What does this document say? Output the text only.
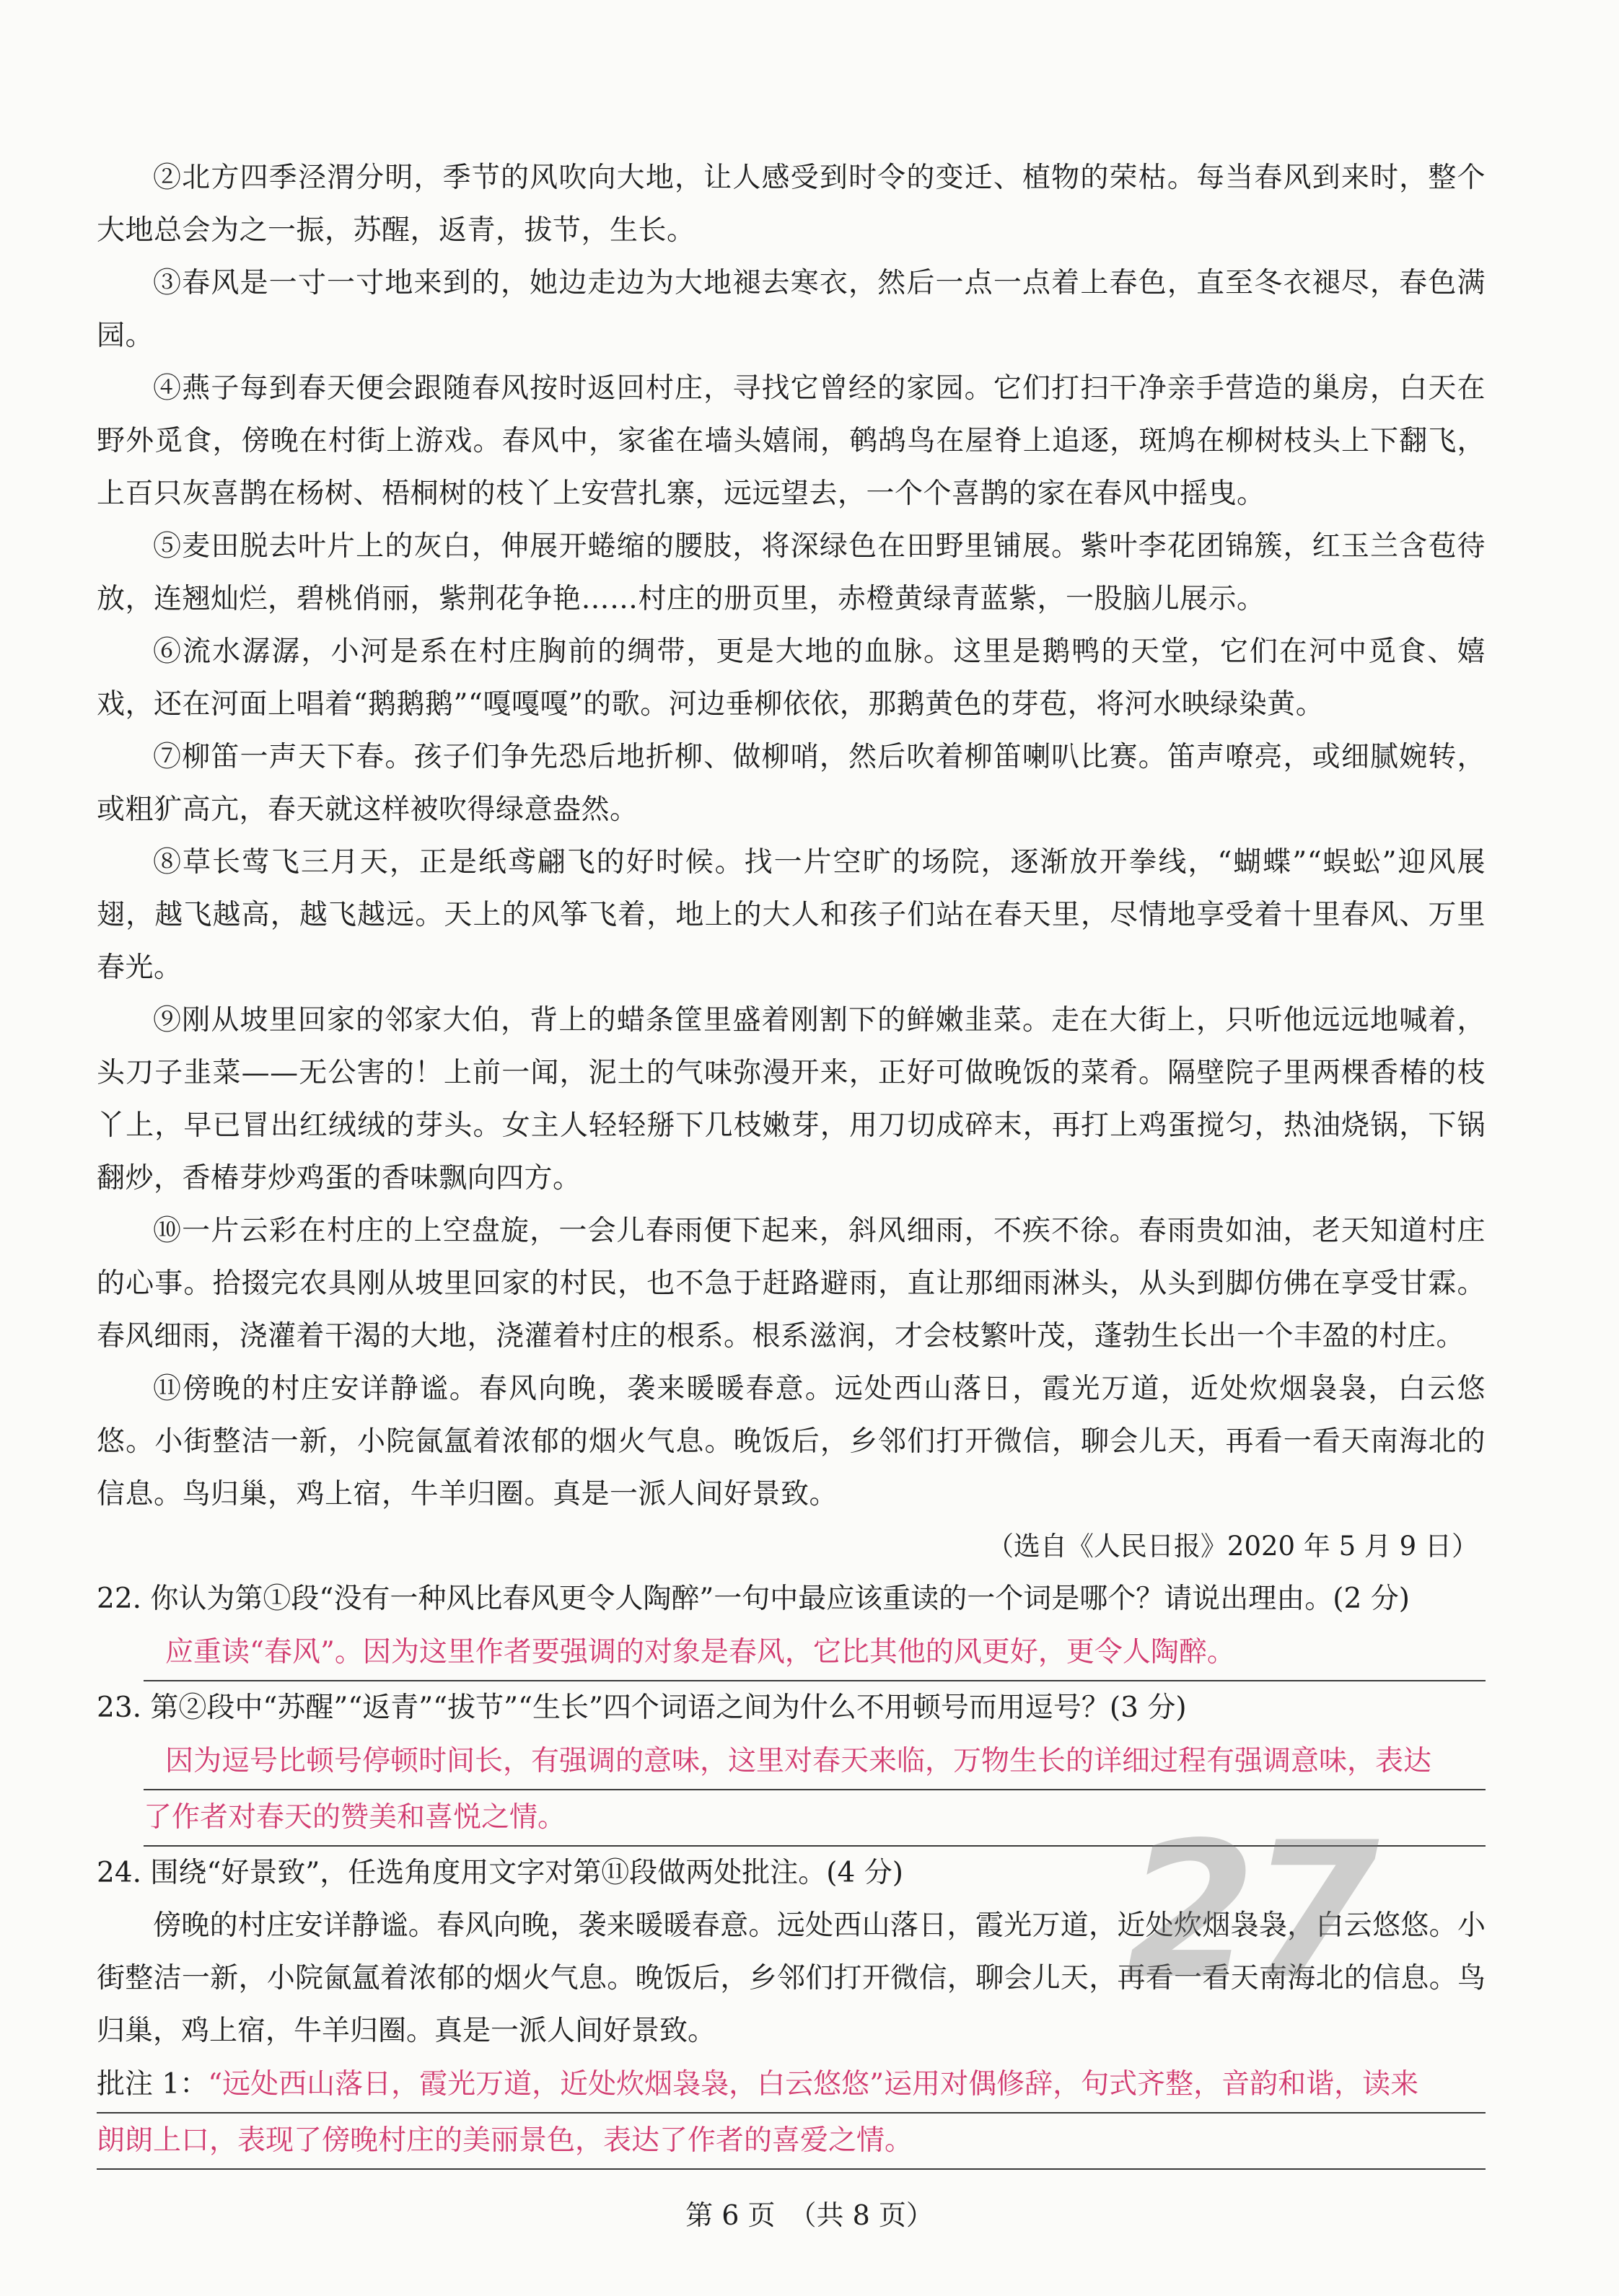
②北方四季泾渭分明，季节的风吹向大地，让人感受到时令的变迁、植物的荣枯。每当春风到来时，整个大地总会为之一振，苏醒，返青，拔节，生长。

③春风是一寸一寸地来到的，她边走边为大地褪去寒衣，然后一点一点着上春色，直至冬衣褪尽，春色满园。

④燕子每到春天便会跟随春风按时返回村庄，寻找它曾经的家园。它们打扫干净亲手营造的巢房，白天在野外觅食，傍晚在村街上游戏。春风中，家雀在墙头嬉闹，鹌鸪鸟在屋脊上追逐，斑鸠在柳树枝头上下翻飞，上百只灰喜鹊在杨树、梧桐树的枝丫上安营扎寨，远远望去，一个个喜鹊的家在春风中摇曳。

⑤麦田脱去叶片上的灰白，伸展开蜷缩的腰肢，将深绿色在田野里铺展。紫叶李花团锦簇，红玉兰含苞待放，连翘灿烂，碧桃俏丽，紫荆花争艳……村庄的册页里，赤橙黄绿青蓝紫，一股脑儿展示。

⑥流水潺潺，小河是系在村庄胸前的绸带，更是大地的血脉。这里是鹅鸭的天堂，它们在河中觅食、嬉戏，还在河面上唱着“鹅鹅鹅”“嘎嘎嘎”的歌。河边垂柳依依，那鹅黄色的芽苞，将河水映绿染黄。

⑦柳笛一声天下春。孩子们争先恐后地折柳、做柳哨，然后吹着柳笛喇叭比赛。笛声嘹亮，或细腻婉转，或粗犷高亢，春天就这样被吹得绿意盎然。

⑧草长莺飞三月天，正是纸鸢翩飞的好时候。找一片空旷的场院，逐渐放开拳线，“蝴蝶”“蜈蚣”迎风展翅，越飞越高，越飞越远。天上的风筝飞着，地上的大人和孩子们站在春天里，尽情地享受着十里春风、万里春光。

⑨刚从坡里回家的邻家大伯，背上的蜡条筐里盛着刚割下的鲜嫩韭菜。走在大街上，只听他远远地喊着，头刀子韭菜——无公害的！上前一闻，泥土的气味弥漫开来，正好可做晚饭的菜肴。隔壁院子里两棵香椿的枝丫上，早已冒出红绒绒的芽头。女主人轻轻掰下几枝嫩芽，用刀切成碎末，再打上鸡蛋搅匀，热油烧锅，下锅翻炒，香椿芽炒鸡蛋的香味飘向四方。

⑩一片云彩在村庄的上空盘旋，一会儿春雨便下起来，斜风细雨，不疾不徐。春雨贵如油，老天知道村庄的心事。拾掇完农具刚从坡里回家的村民，也不急于赶路避雨，直让那细雨淋头，从头到脚仿佛在享受甘霖。春风细雨，浇灌着干渴的大地，浇灌着村庄的根系。根系滋润，才会枝繁叶茂，蓬勃生长出一个丰盈的村庄。

⑪傍晚的村庄安详静谧。春风向晚，袭来暖暖春意。远处西山落日，霞光万道，近处炊烟袅袅，白云悠悠。小街整洁一新，小院氤氲着浓郁的烟火气息。晚饭后，乡邻们打开微信，聊会儿天，再看一看天南海北的信息。鸟归巢，鸡上宿，牛羊归圈。真是一派人间好景致。

（选自《人民日报》2020 年 5 月 9 日）

22. 你认为第①段“没有一种风比春风更令人陶醉”一句中最应该重读的一个词是哪个？请说出理由。(2 分)

应重读“春风”。因为这里作者要强调的对象是春风，它比其他的风更好，更令人陶醉。

23. 第②段中“苏醒”“返青”“拔节”“生长”四个词语之间为什么不用顿号而用逗号？(3 分)

因为逗号比顿号停顿时间长，有强调的意味，这里对春天来临，万物生长的详细过程有强调意味，表达
了作者对春天的赞美和喜悦之情。

24. 围绕“好景致”，任选角度用文字对第⑪段做两处批注。(4 分)

傍晚的村庄安详静谧。春风向晚，袭来暖暖春意。远处西山落日，霞光万道，近处炊烟袅袅，白云悠悠。小街整洁一新，小院氤氲着浓郁的烟火气息。晚饭后，乡邻们打开微信，聊会儿天，再看一看天南海北的信息。鸟归巢，鸡上宿，牛羊归圈。真是一派人间好景致。

批注 1：“远处西山落日，霞光万道，近处炊烟袅袅，白云悠悠”运用对偶修辞，句式齐整，音韵和谐，读来
朗朗上口，表现了傍晚村庄的美丽景色，表达了作者的喜爱之情。
27
第 6 页　（共 8 页）
